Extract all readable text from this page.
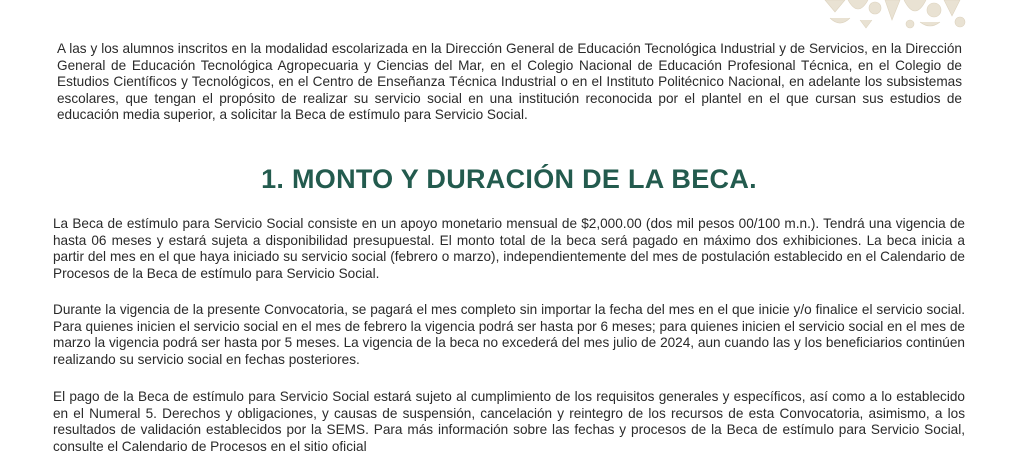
A las y los alumnos inscritos en la modalidad escolarizada en la Dirección General de Educación Tecnológica Industrial y de Servicios, en la Dirección General de Educación Tecnológica Agropecuaria y Ciencias del Mar, en el Colegio Nacional de Educación Profesional Técnica, en el Colegio de Estudios Científicos y Tecnológicos, en el Centro de Enseñanza Técnica Industrial o en el Instituto Politécnico Nacional, en adelante los subsistemas escolares, que tengan el propósito de realizar su servicio social en una institución reconocida por el plantel en el que cursan sus estudios de educación media superior, a solicitar la Beca de estímulo para Servicio Social.

1. MONTO Y DURACIÓN DE LA BECA.

La Beca de estímulo para Servicio Social consiste en un apoyo monetario mensual de $2,000.00 (dos mil pesos 00/100 m.n.). Tendrá una vigencia de hasta 06 meses y estará sujeta a disponibilidad presupuestal. El monto total de la beca será pagado en máximo dos exhibiciones. La beca inicia a partir del mes en el que haya iniciado su servicio social (febrero o marzo), independientemente del mes de postulación establecido en el Calendario de Procesos de la Beca de estímulo para Servicio Social.

Durante la vigencia de la presente Convocatoria, se pagará el mes completo sin importar la fecha del mes en el que inicie y/o finalice el servicio social. Para quienes inicien el servicio social en el mes de febrero la vigencia podrá ser hasta por 6 meses; para quienes inicien el servicio social en el mes de marzo la vigencia podrá ser hasta por 5 meses. La vigencia de la beca no excederá del mes julio de 2024, aun cuando las y los beneficiarios continúen realizando su servicio social en fechas posteriores.

El pago de la Beca de estímulo para Servicio Social estará sujeto al cumplimiento de los requisitos generales y específicos, así como a lo establecido en el Numeral 5. Derechos y obligaciones, y causas de suspensión, cancelación y reintegro de los recursos de esta Convocatoria, asimismo, a los resultados de validación establecidos por la SEMS. Para más información sobre las fechas y procesos de la Beca de estímulo para Servicio Social, consulte el Calendario de Procesos en el sitio oficial
